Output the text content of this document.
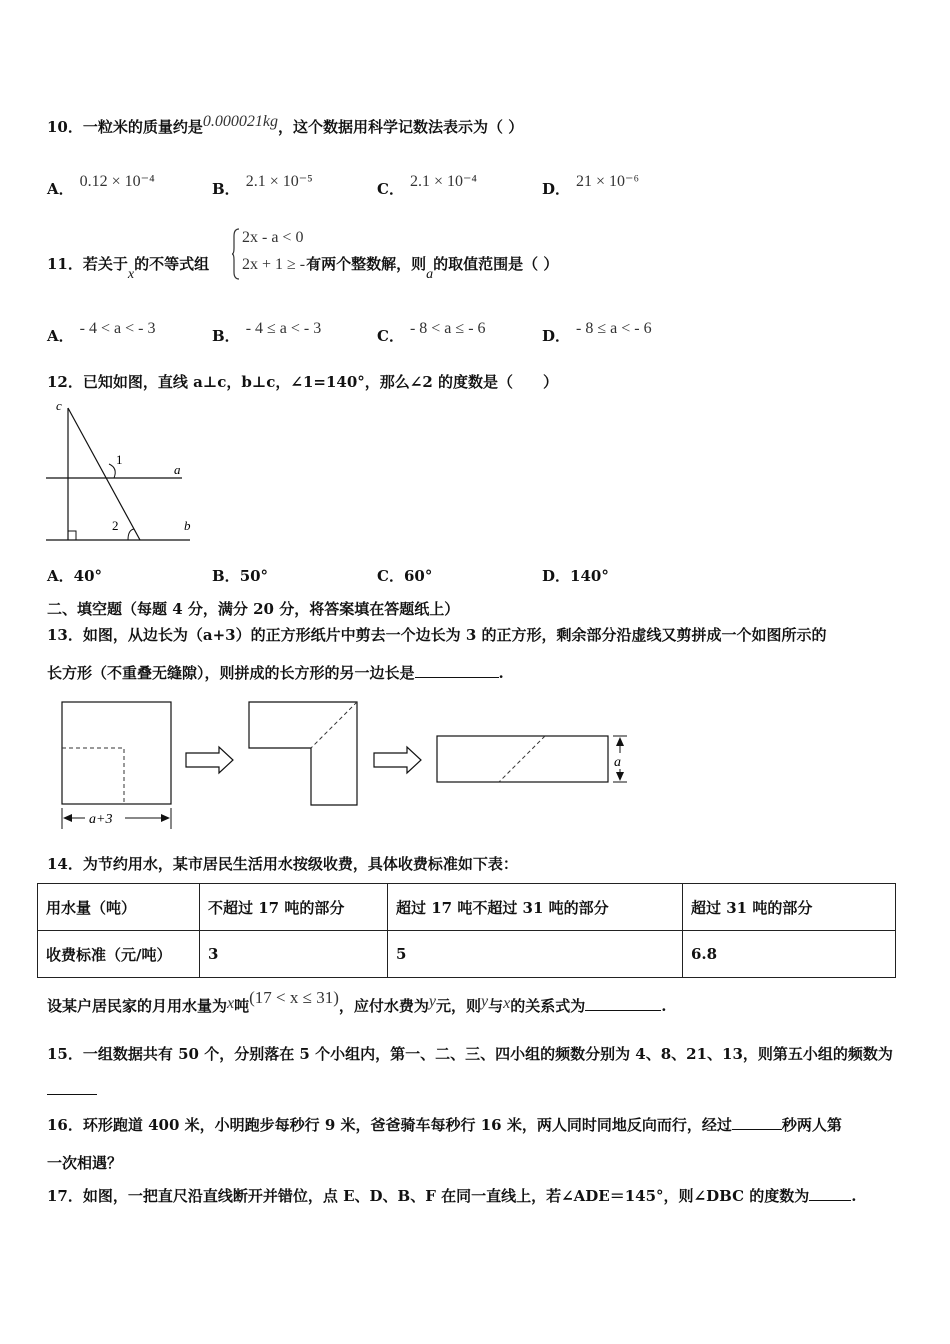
10．一粒米的质量约是0.000021kg，这个数据用科学记数法表示为（ ）
A． 0.12 × 10⁻⁴	B． 2.1 × 10⁻⁵	C． 2.1 × 10⁻⁴	D． 21 × 10⁻⁶
11．若关于x的不等式组	有两个整数解，则a的取值范围是（ ）
2x - a < 0
2x + 1 ≥ - 9
A． - 4 < a < - 3	B． - 4 ≤ a < - 3	C． - 8 < a ≤ - 6	D． - 8 ≤ a < - 6
12．已知如图，直线 a⊥c，b⊥c，∠1=140°，那么∠2 的度数是（　　）
c
a
b
1
2
A．40°	B．50°	C．60°	D．140°
二、填空题（每题 4 分，满分 20 分，将答案填在答题纸上）
13．如图，从边长为（a+3）的正方形纸片中剪去一个边长为 3 的正方形，剩余部分沿虚线又剪拼成一个如图所示的
长方形（不重叠无缝隙），则拼成的长方形的另一边长是	.
a+3
a
14．为节约用水，某市居民生活用水按级收费，具体收费标准如下表：
用水量（吨）	不超过 17 吨的部分	超过 17 吨不超过 31 吨的部分	超过 31 吨的部分
收费标准（元/吨）	3	5	6.8
设某户居民家的月用水量为x吨(17 < x ≤ 31)，应付水费为y元，则y与x的关系式为	.
15．一组数据共有 50 个，分别落在 5 个小组内，第一、二、三、四小组的频数分别为 4、8、21、13，则第五小组的频数为
16．环形跑道 400 米，小明跑步每秒行 9 米，爸爸骑车每秒行 16 米，两人同时同地反向而行，经过	秒两人第
一次相遇？
17．如图，一把直尺沿直线断开并错位，点 E、D、B、F 在同一直线上，若∠ADE＝145°，则∠DBC 的度数为	.
